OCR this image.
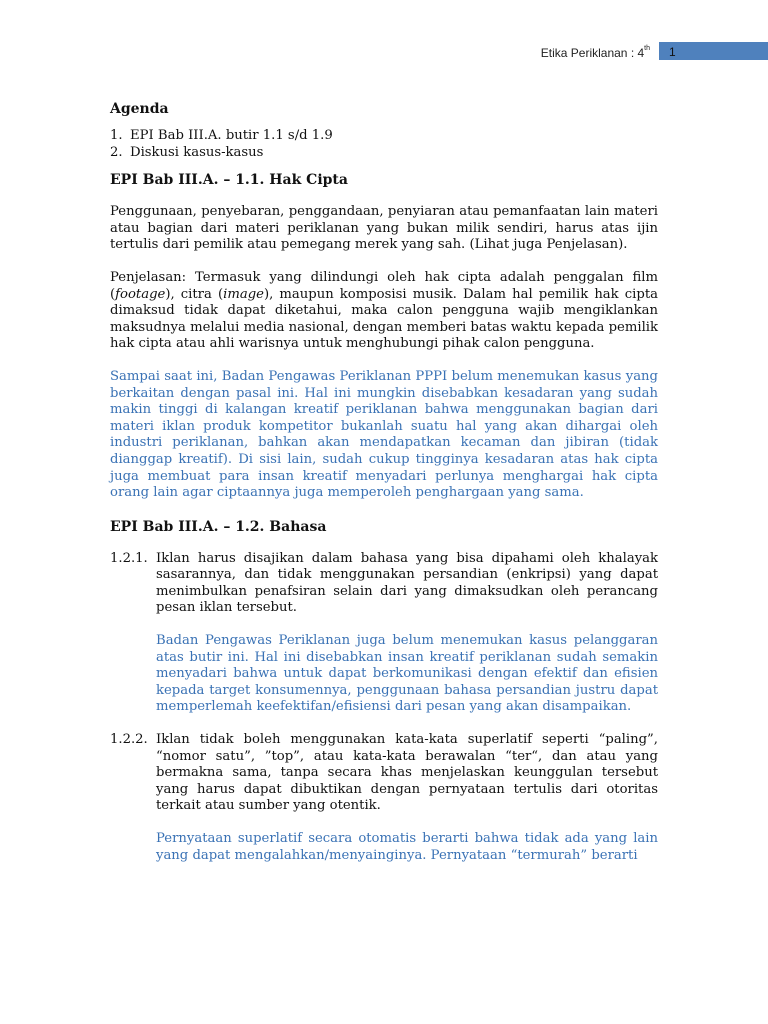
Etika Periklanan : 4th 1
Agenda
1. EPI Bab III.A. butir 1.1 s/d 1.9
2. Diskusi kasus-kasus
EPI Bab III.A. – 1.1. Hak Cipta

Penggunaan, penyebaran, penggandaan, penyiaran atau pemanfaatan lain materi atau bagian dari materi periklanan yang bukan milik sendiri, harus atas ijin tertulis dari pemilik atau pemegang merek yang sah. (Lihat juga Penjelasan).

Penjelasan: Termasuk yang dilindungi oleh hak cipta adalah penggalan film (footage), citra (image), maupun komposisi musik. Dalam hal pemilik hak cipta dimaksud tidak dapat diketahui, maka calon pengguna wajib mengiklankan maksudnya melalui media nasional, dengan memberi batas waktu kepada pemilik hak cipta atau ahli warisnya untuk menghubungi pihak calon pengguna.

Sampai saat ini, Badan Pengawas Periklanan PPPI belum menemukan kasus yang berkaitan dengan pasal ini. Hal ini mungkin disebabkan kesadaran yang sudah makin tinggi di kalangan kreatif periklanan bahwa menggunakan bagian dari materi iklan produk kompetitor bukanlah suatu hal yang akan dihargai oleh industri periklanan, bahkan akan mendapatkan kecaman dan jibiran (tidak dianggap kreatif). Di sisi lain, sudah cukup tingginya kesadaran atas hak cipta juga membuat para insan kreatif menyadari perlunya menghargai hak cipta orang lain agar ciptaannya juga memperoleh penghargaan yang sama.

EPI Bab III.A. – 1.2. Bahasa
1.2.1. Iklan harus disajikan dalam bahasa yang bisa dipahami oleh khalayak sasarannya, dan tidak menggunakan persandian (enkripsi) yang dapat menimbulkan penafsiran selain dari yang dimaksudkan oleh perancang pesan iklan tersebut.

Badan Pengawas Periklanan juga belum menemukan kasus pelanggaran atas butir ini. Hal ini disebabkan insan kreatif periklanan sudah semakin menyadari bahwa untuk dapat berkomunikasi dengan efektif dan efisien kepada target konsumennya, penggunaan bahasa persandian justru dapat memperlemah keefektifan/efisiensi dari pesan yang akan disampaikan.

1.2.2. Iklan tidak boleh menggunakan kata-kata superlatif seperti “paling”, “nomor satu”, ”top”, atau kata-kata berawalan “ter“, dan atau yang bermakna sama, tanpa secara khas menjelaskan keunggulan tersebut yang harus dapat dibuktikan dengan pernyataan tertulis dari otoritas terkait atau sumber yang otentik.

Pernyataan superlatif secara otomatis berarti bahwa tidak ada yang lain yang dapat mengalahkan/menyainginya. Pernyataan “termurah” berarti
